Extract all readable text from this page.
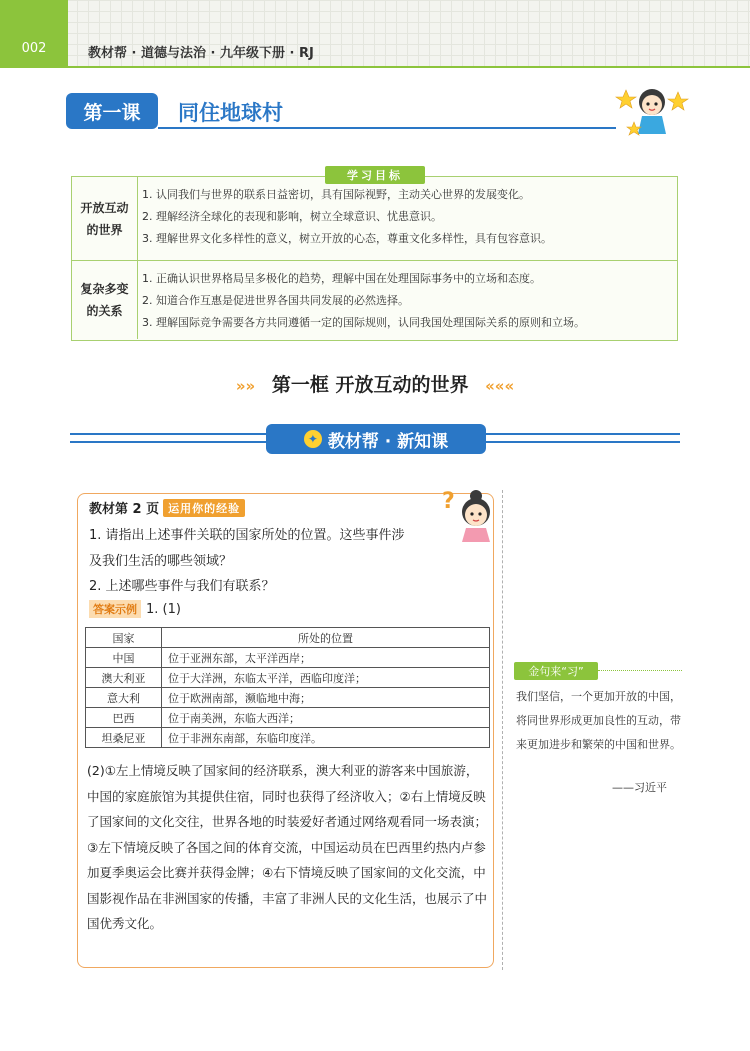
002	教材帮 · 道德与法治 · 九年级下册 · RJ
第一课	同住地球村
开放互动
的世界
1. 认同我们与世界的联系日益密切，具有国际视野，主动关心世界的发展变化。
2. 理解经济全球化的表现和影响，树立全球意识、忧患意识。
3. 理解世界文化多样性的意义，树立开放的心态，尊重文化多样性，具有包容意识。
复杂多变
的关系
1. 正确认识世界格局呈多极化的趋势，理解中国在处理国际事务中的立场和态度。
2. 知道合作互惠是促进世界各国共同发展的必然选择。
3. 理解国际竞争需要各方共同遵循一定的国际规则，认同我国处理国际关系的原则和立场。
学习目标
»» 第一框 开放互动的世界 «««
✦ 教材帮 · 新知课
教材第 2 页 运用你的经验	?
1. 请指出上述事件关联的国家所处的位置。这些事件涉
及我们生活的哪些领域？
2. 上述哪些事件与我们有联系？
答案示例 1. (1)
国家	所处的位置
中国	位于亚洲东部，太平洋西岸；
澳大利亚	位于大洋洲，东临太平洋，西临印度洋；
意大利	位于欧洲南部，濒临地中海；
巴西	位于南美洲，东临大西洋；
坦桑尼亚	位于非洲东南部，东临印度洋。
(2)①左上情境反映了国家间的经济联系，澳大利亚的游客来中国旅游，中国的家庭旅馆为其提供住宿，同时也获得了经济收入；②右上情境反映了国家间的文化交往，世界各地的时装爱好者通过网络观看同一场表演；③左下情境反映了各国之间的体育交流，中国运动员在巴西里约热内卢参加夏季奥运会比赛并获得金牌；④右下情境反映了国家间的文化交流，中国影视作品在非洲国家的传播，丰富了非洲人民的文化生活，也展示了中国优秀文化。
金句来“习”
我们坚信，一个更加开放的中国，将同世界形成更加良性的互动，带来更加进步和繁荣的中国和世界。
——习近平
